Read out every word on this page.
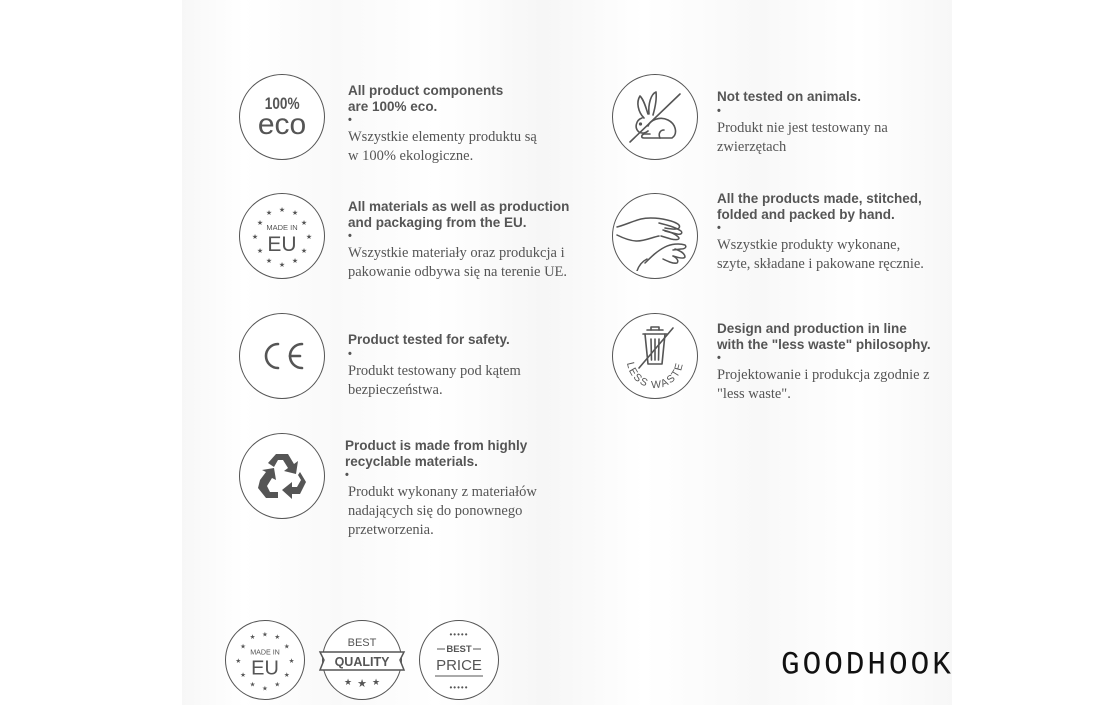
100%
eco
All product components
are 100% eco.
•
Wszystkie elementy produktu są
w 100% ekologiczne.
Not tested on animals.
•
Produkt nie jest testowany na
zwierzętach
★
★	★
★	★
★	★
★	★
★	★
★
MADE IN
EU
All materials as well as production
and packaging from the EU.
•
Wszystkie materiały oraz produkcja i
pakowanie odbywa się na terenie UE.
All the products made, stitched,
folded and packed by hand.
•
Wszystkie produkty wykonane,
szyte, składane i pakowane ręcznie.
Product tested for safety.
•
Produkt testowany pod kątem
bezpieczeństwa.
LESS WASTE
Design and production in line
with the "less waste" philosophy.
•
Projektowanie i produkcja zgodnie z
"less waste".
Product is made from highly
recyclable materials.
•
Produkt wykonany z materiałów
nadających się do ponownego
przetworzenia.
★
★	★
★	★
★	★
★	★
★	★
★
MADE IN
EU
BEST
QUALITY
★ ★ ★
•••••
BEST
PRICE
•••••
GOODHOOK
